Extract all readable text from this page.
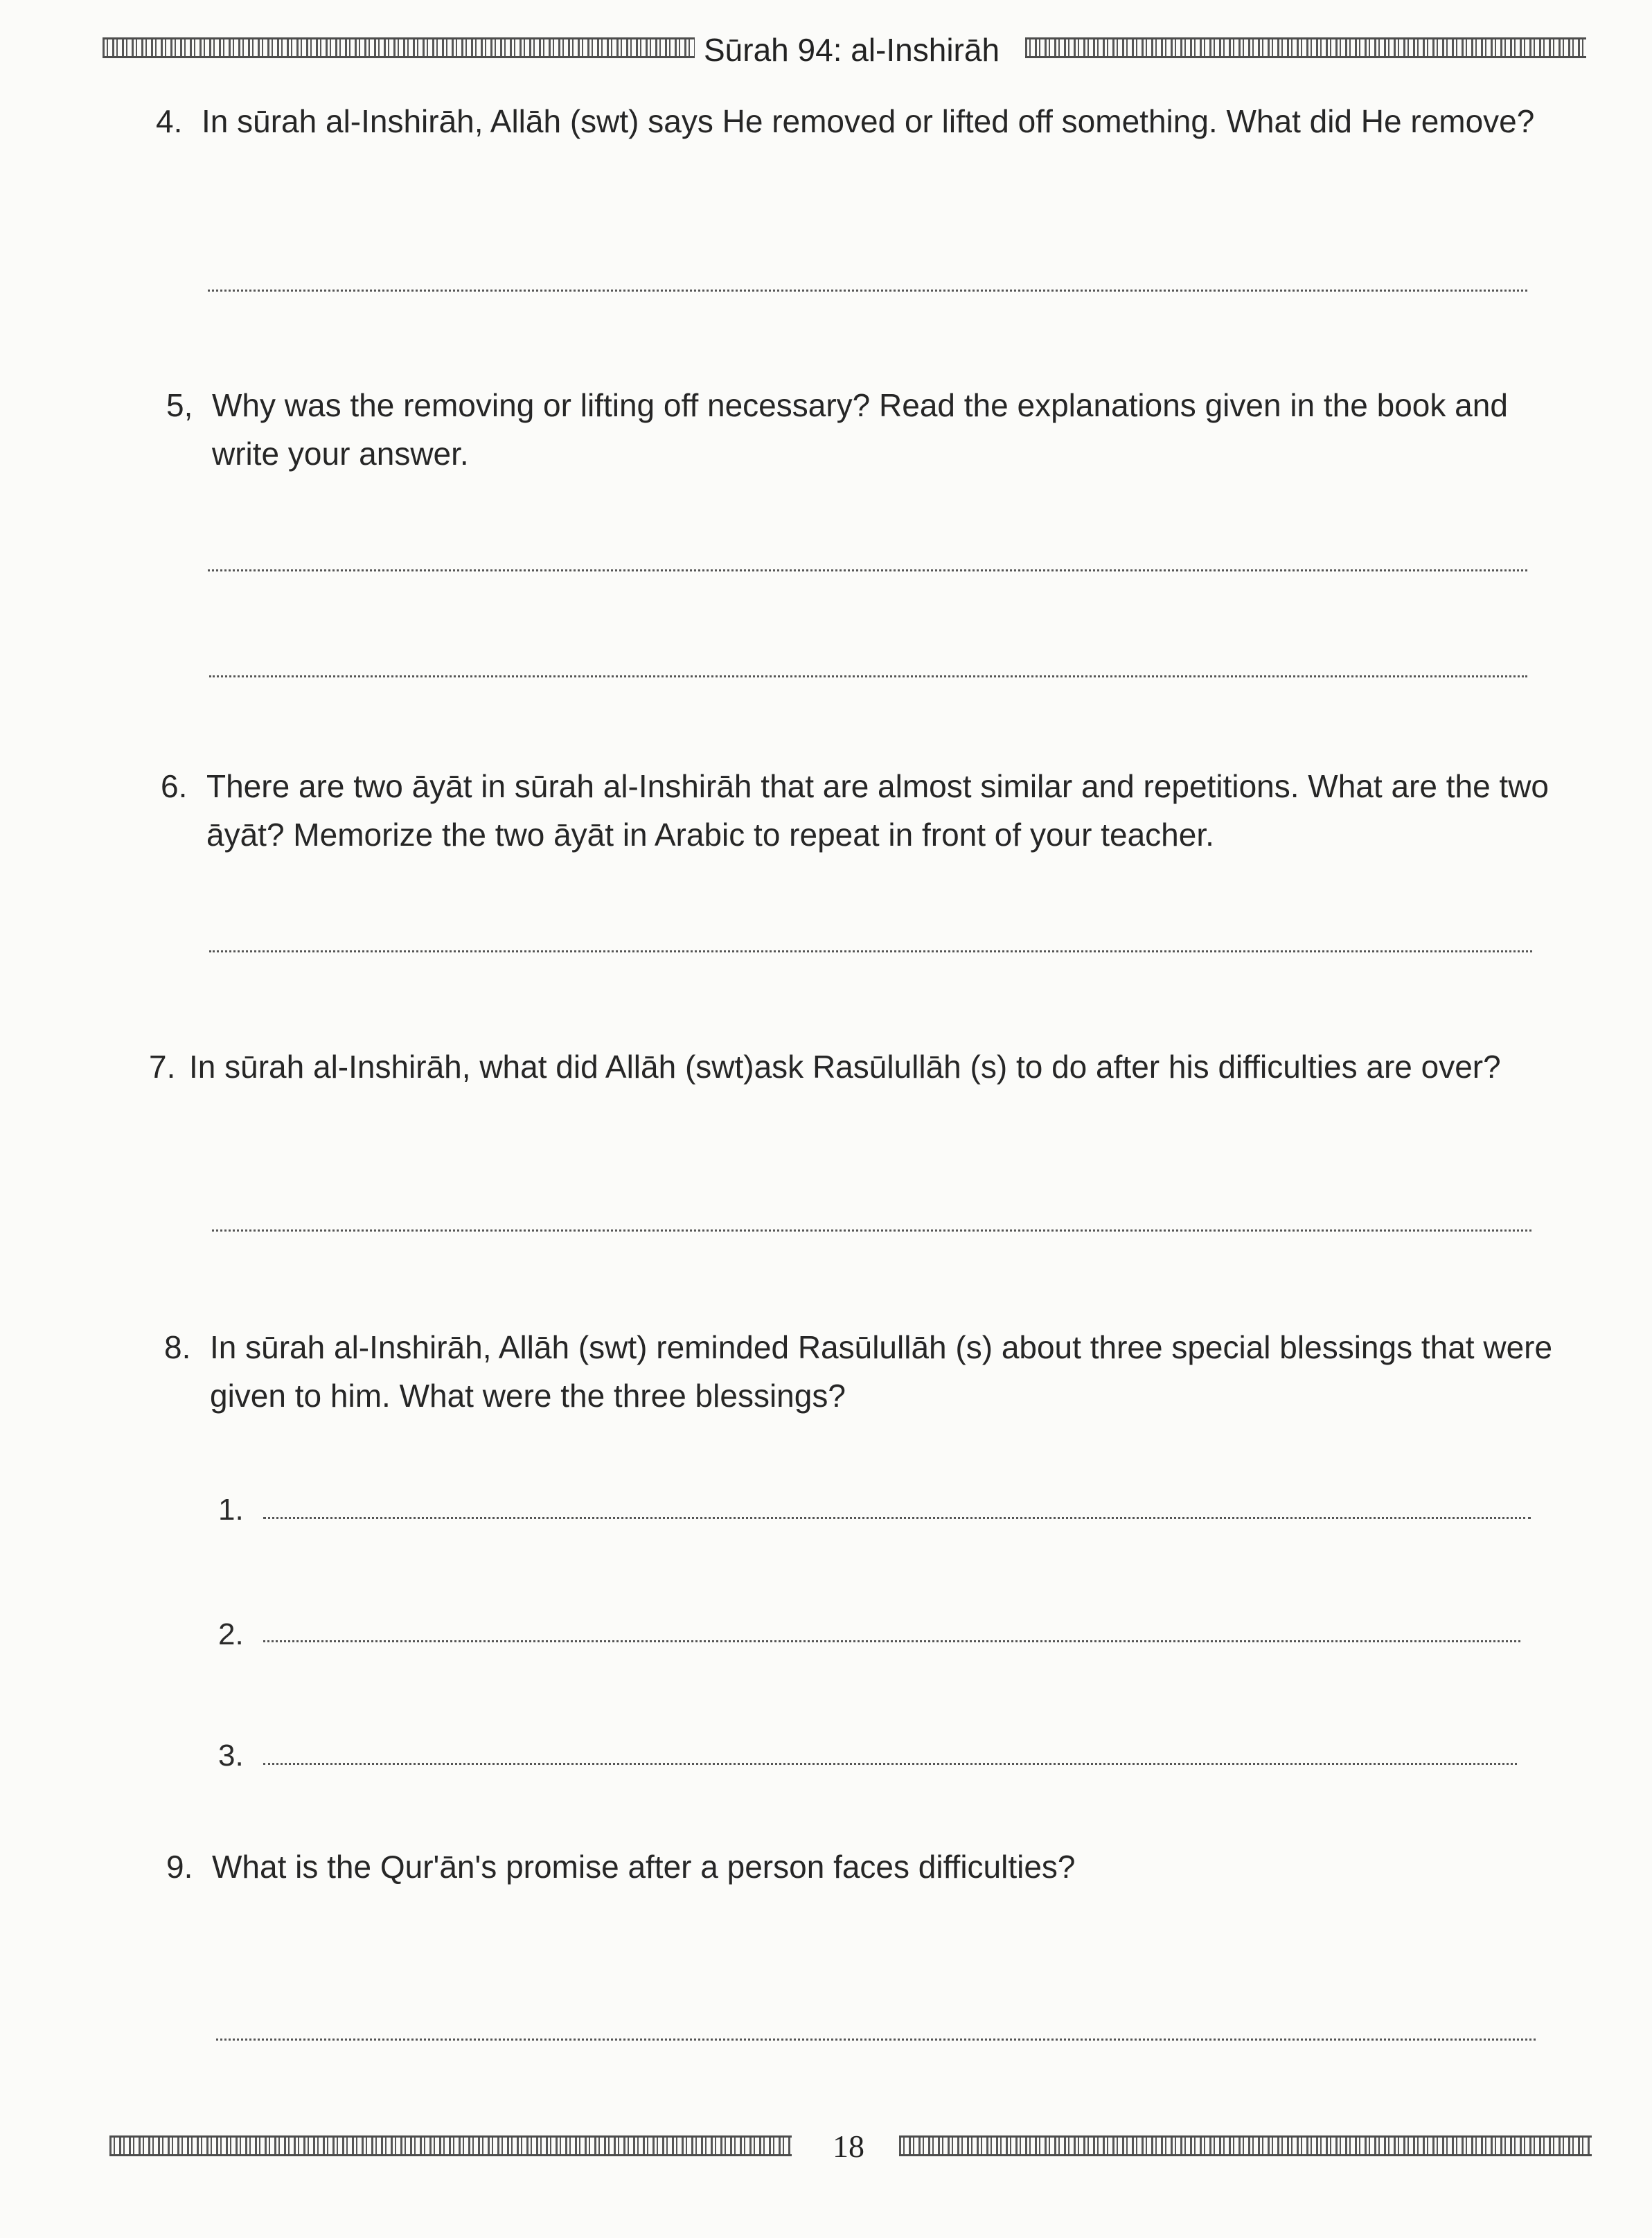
Sūrah 94: al-Inshirāh
4. In sūrah al-Inshirāh, Allāh (swt) says He removed or lifted off something. What did He remove?
5, Why was the removing or lifting off necessary? Read the explanations given in the book and write your answer.
6. There are two āyāt in sūrah al-Inshirāh that are almost similar and repetitions. What are the two āyāt? Memorize the two āyāt in Arabic to repeat in front of your teacher.
7. In sūrah al-Inshirāh, what did Allāh (swt)ask Rasūlullāh (s) to do after his difficulties are over?
8. In sūrah al-Inshirāh, Allāh (swt) reminded Rasūlullāh (s) about three special blessings that were given to him. What were the three blessings?
1.
2.
3.
9. What is the Qur'ān's promise after a person faces difficulties?
18
